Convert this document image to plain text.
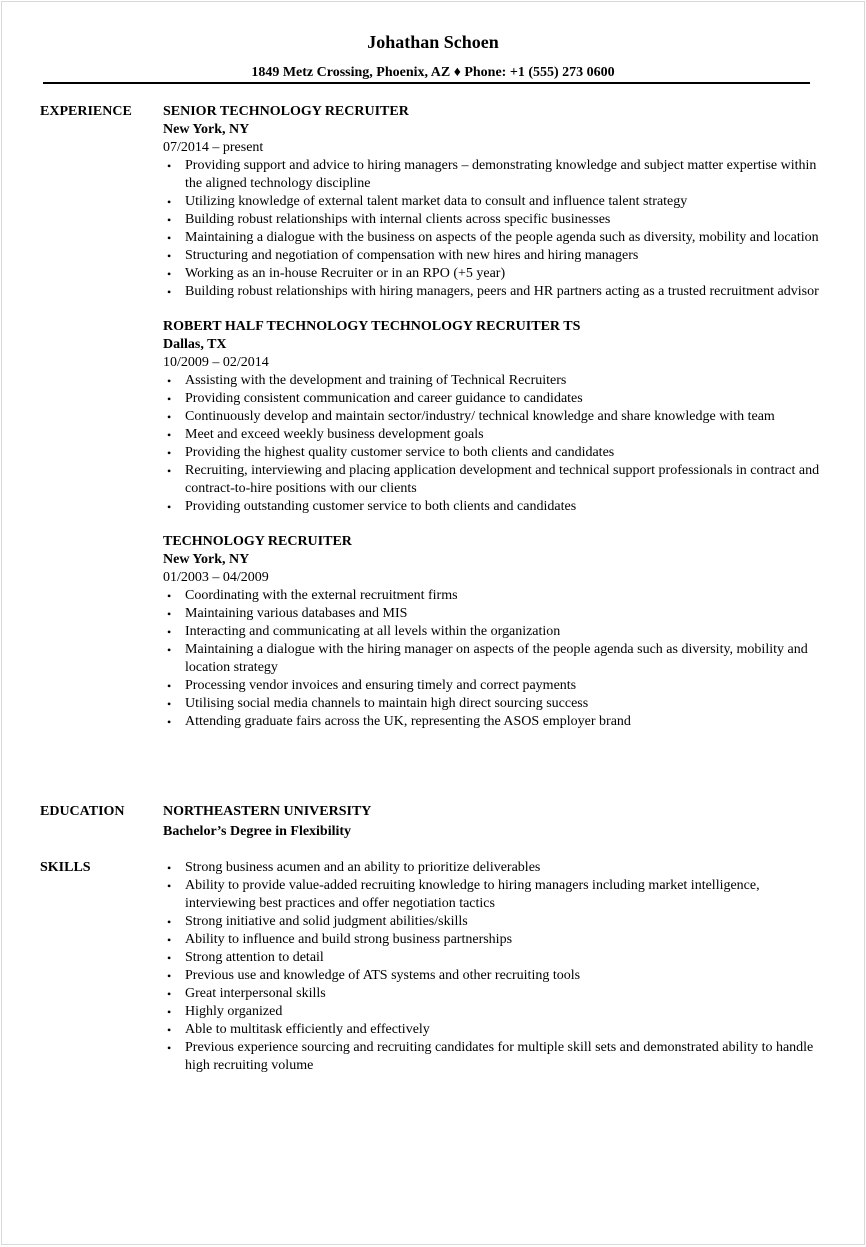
Johathan Schoen
1849 Metz Crossing, Phoenix, AZ ♦ Phone: +1 (555) 273 0600
EXPERIENCE SENIOR TECHNOLOGY RECRUITER
New York, NY
07/2014 – present
• Providing support and advice to hiring managers – demonstrating knowledge and subject matter expertise within the aligned technology discipline
• Utilizing knowledge of external talent market data to consult and influence talent strategy
• Building robust relationships with internal clients across specific businesses
• Maintaining a dialogue with the business on aspects of the people agenda such as diversity, mobility and location
• Structuring and negotiation of compensation with new hires and hiring managers
• Working as an in-house Recruiter or in an RPO (+5 year)
• Building robust relationships with hiring managers, peers and HR partners acting as a trusted recruitment advisor
ROBERT HALF TECHNOLOGY TECHNOLOGY RECRUITER TS
Dallas, TX
10/2009 – 02/2014
• Assisting with the development and training of Technical Recruiters
• Providing consistent communication and career guidance to candidates
• Continuously develop and maintain sector/industry/ technical knowledge and share knowledge with team
• Meet and exceed weekly business development goals
• Providing the highest quality customer service to both clients and candidates
• Recruiting, interviewing and placing application development and technical support professionals in contract and contract-to-hire positions with our clients
• Providing outstanding customer service to both clients and candidates
TECHNOLOGY RECRUITER
New York, NY
01/2003 – 04/2009
• Coordinating with the external recruitment firms
• Maintaining various databases and MIS
• Interacting and communicating at all levels within the organization
• Maintaining a dialogue with the hiring manager on aspects of the people agenda such as diversity, mobility and location strategy
• Processing vendor invoices and ensuring timely and correct payments
• Utilising social media channels to maintain high direct sourcing success
• Attending graduate fairs across the UK, representing the ASOS employer brand
EDUCATION	NORTHEASTERN UNIVERSITY
Bachelor’s Degree in Flexibility
SKILLS
•	Strong business acumen and an ability to prioritize deliverables
• Ability to provide value-added recruiting knowledge to hiring managers including market intelligence, interviewing best practices and offer negotiation tactics
• Strong initiative and solid judgment abilities/skills
• Ability to influence and build strong business partnerships
• Strong attention to detail
• Previous use and knowledge of ATS systems and other recruiting tools
• Great interpersonal skills
• Highly organized
• Able to multitask efficiently and effectively
• Previous experience sourcing and recruiting candidates for multiple skill sets and demonstrated ability to handle high recruiting volume
